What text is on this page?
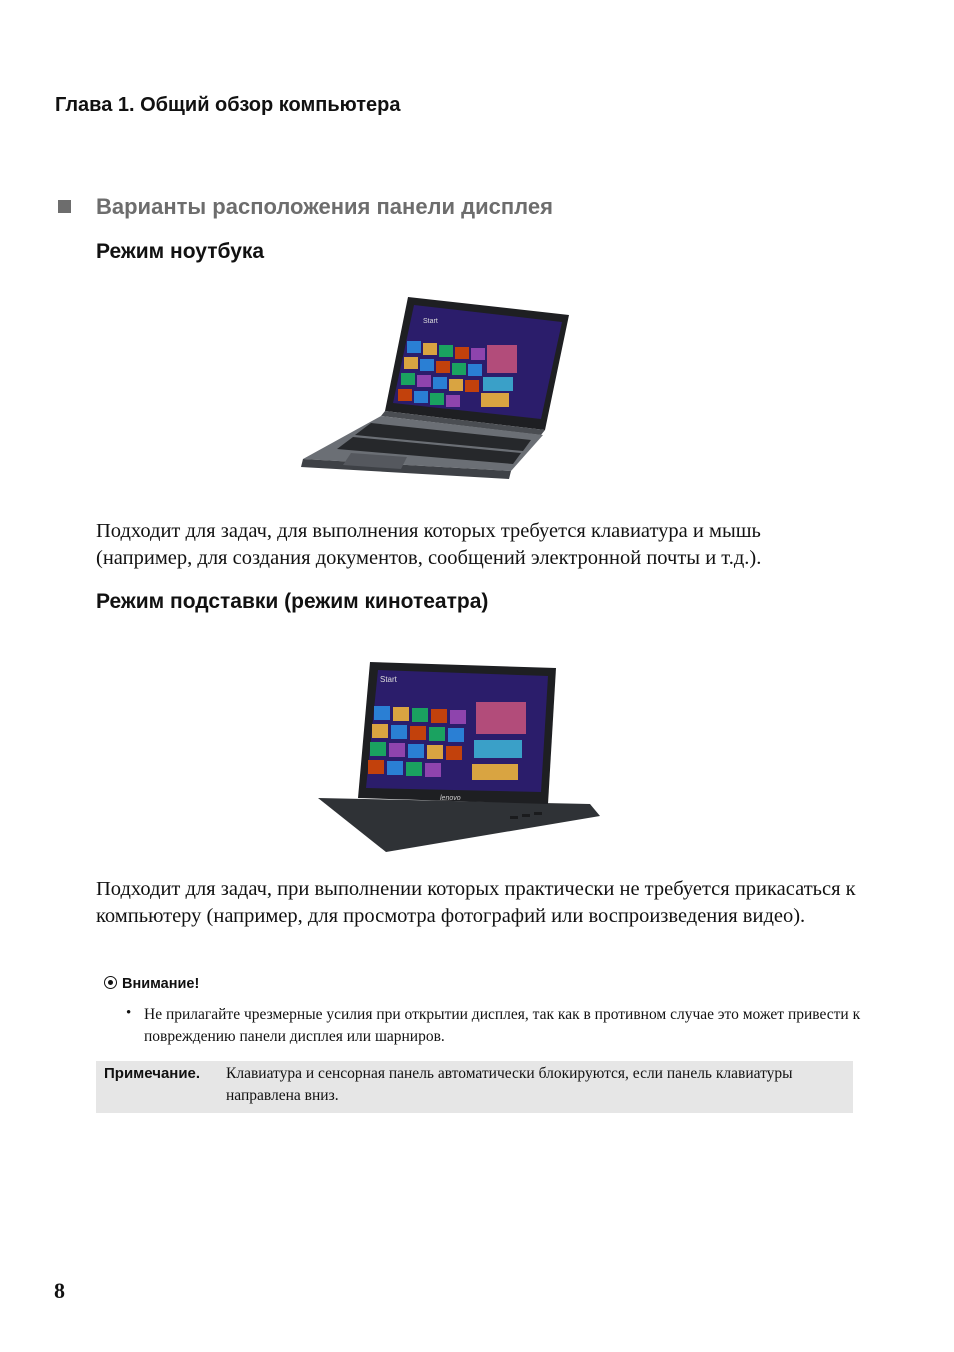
Глава 1. Общий обзор компьютера
Варианты расположения панели дисплея
Режим ноутбука
Start
Подходит для задач, для выполнения которых требуется клавиатура и мышь (например, для создания документов, сообщений электронной почты и т.д.).
Режим подставки (режим кинотеатра)
Start
lenovo
Подходит для задач, при выполнении которых практически не требуется прикасаться к компьютеру (например, для просмотра фотографий или воспроизведения видео).
Внимание!
• Не прилагайте чрезмерные усилия при открытии дисплея, так как в противном случае это может привести к повреждению панели дисплея или шарниров.
Примечание. Клавиатура и сенсорная панель автоматически блокируются, если панель клавиатуры направлена вниз.
8
